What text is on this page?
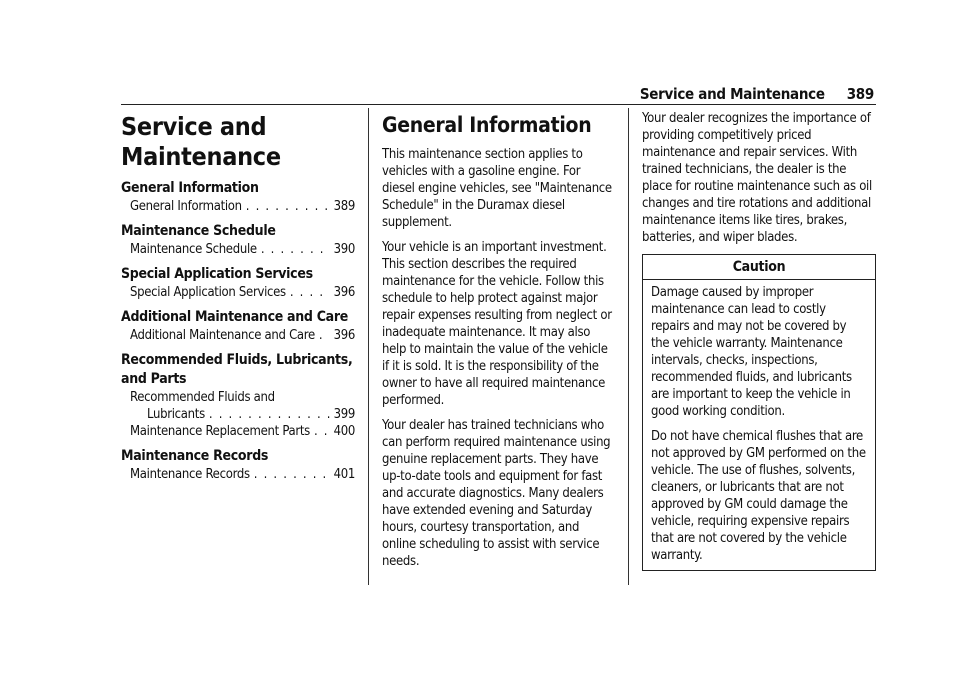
Service and Maintenance 389
Service and Maintenance
General Information
General Information . . .	389
Maintenance Schedule
Maintenance Schedule . . .	390
Special Application Services
Special Application Services . . .	396
Additional Maintenance and Care
Additional Maintenance and Care . . . 396
Recommended Fluids, Lubricants, and Parts
Recommended Fluids and
Lubricants . . .	399
Maintenance Replacement Parts . . . 400
Maintenance Records
Maintenance Records . . .	401
General Information

This maintenance section applies to vehicles with a gasoline engine. For diesel engine vehicles, see "Maintenance Schedule" in the Duramax diesel supplement.

Your vehicle is an important investment. This section describes the required maintenance for the vehicle. Follow this schedule to help protect against major repair expenses resulting from neglect or inadequate maintenance. It may also help to maintain the value of the vehicle if it is sold. It is the responsibility of the owner to have all required maintenance performed.

Your dealer has trained technicians who can perform required maintenance using genuine replacement parts. They have up-to-date tools and equipment for fast and accurate diagnostics. Many dealers have extended evening and Saturday hours, courtesy transportation, and online scheduling to assist with service needs.

Your dealer recognizes the importance of providing competitively priced maintenance and repair services. With trained technicians, the dealer is the place for routine maintenance such as oil changes and tire rotations and additional maintenance items like tires, brakes, batteries, and wiper blades.

Caution

Damage caused by improper maintenance can lead to costly repairs and may not be covered by the vehicle warranty. Maintenance intervals, checks, inspections, recommended fluids, and lubricants are important to keep the vehicle in good working condition.

Do not have chemical flushes that are not approved by GM performed on the vehicle. The use of flushes, solvents, cleaners, or lubricants that are not approved by GM could damage the vehicle, requiring expensive repairs that are not covered by the vehicle warranty.
